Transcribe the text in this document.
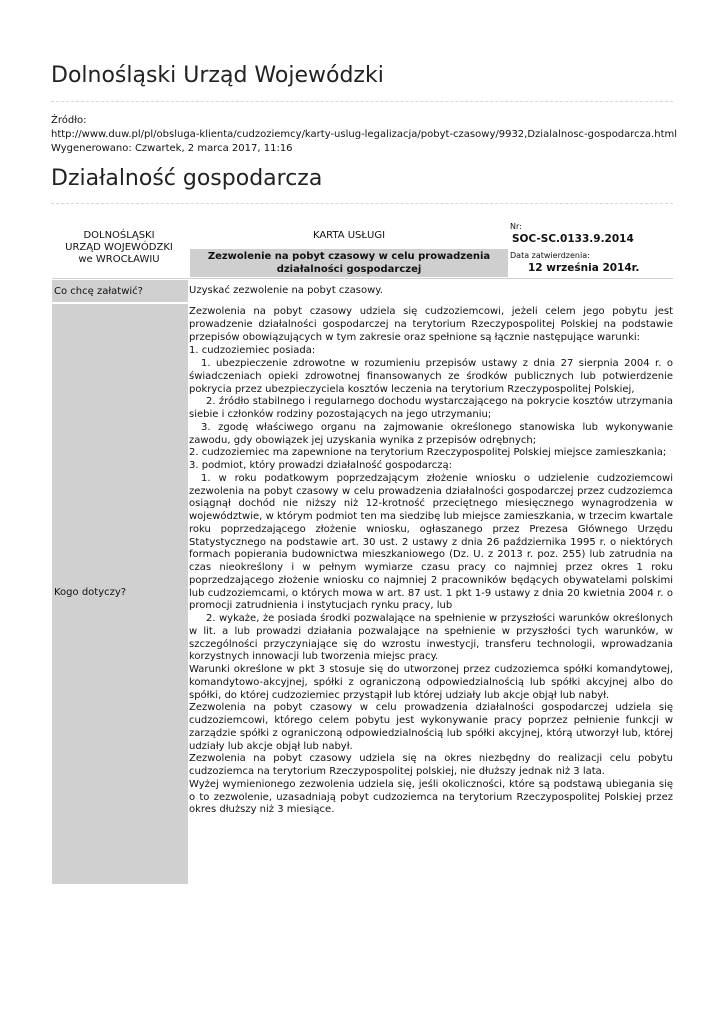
Dolnośląski Urząd Wojewódzki
Źródło:
http://www.duw.pl/pl/obsluga-klienta/cudzoziemcy/karty-uslug-legalizacja/pobyt-czasowy/9932,Dzialalnosc-gospodarcza.html
Wygenerowano: Czwartek, 2 marca 2017, 11:16
Działalność gospodarcza
DOLNOŚLĄSKI
URZĄD WOJEWÓDZKI
we WROCŁAWIU
KARTA USŁUGI
Zezwolenie na pobyt czasowy w celu prowadzenia
działalności gospodarczej
Nr:
SOC-SC.0133.9.2014
Data zatwierdzenia:
12 września 2014r.
Co chcę załatwić?	Uzyskać zezwolenie na pobyt czasowy.
Kogo dotyczy?

Zezwolenia na pobyt czasowy udziela się cudzoziemcowi, jeżeli celem jego pobytu jest prowadzenie działalności gospodarczej na terytorium Rzeczypospolitej Polskiej na podstawie przepisów obowiązujących w tym zakresie oraz spełnione są łącznie następujące warunki:

1. cudzoziemiec posiada:

1. ubezpieczenie zdrowotne w rozumieniu przepisów ustawy z dnia 27 sierpnia 2004 r. o świadczeniach opieki zdrowotnej finansowanych ze środków publicznych lub potwierdzenie pokrycia przez ubezpieczyciela kosztów leczenia na terytorium Rzeczypospolitej Polskiej,

2. źródło stabilnego i regularnego dochodu wystarczającego na pokrycie kosztów utrzymania siebie i członków rodziny pozostających na jego utrzymaniu;

3. zgodę właściwego organu na zajmowanie określonego stanowiska lub wykonywanie zawodu, gdy obowiązek jej uzyskania wynika z przepisów odrębnych;

2. cudzoziemiec ma zapewnione na terytorium Rzeczypospolitej Polskiej miejsce zamieszkania;

3. podmiot, który prowadzi działalność gospodarczą:

1. w roku podatkowym poprzedzającym złożenie wniosku o udzielenie cudzoziemcowi zezwolenia na pobyt czasowy w celu prowadzenia działalności gospodarczej przez cudzoziemca osiągnął dochód nie niższy niż 12-krotność przeciętnego miesięcznego wynagrodzenia w województwie, w którym podmiot ten ma siedzibę lub miejsce zamieszkania, w trzecim kwartale roku poprzedzającego złożenie wniosku, ogłaszanego przez Prezesa Głównego Urzędu Statystycznego na podstawie art. 30 ust. 2 ustawy z dnia 26 października 1995 r. o niektórych formach popierania budownictwa mieszkaniowego (Dz. U. z 2013 r. poz. 255) lub zatrudnia na czas nieokreślony i w pełnym wymiarze czasu pracy co najmniej przez okres 1 roku poprzedzającego złożenie wniosku co najmniej 2 pracowników będących obywatelami polskimi lub cudzoziemcami, o których mowa w art. 87 ust. 1 pkt 1-9 ustawy z dnia 20 kwietnia 2004 r. o promocji zatrudnienia i instytucjach rynku pracy, lub

2. wykaże, że posiada środki pozwalające na spełnienie w przyszłości warunków określonych w lit. a lub prowadzi działania pozwalające na spełnienie w przyszłości tych warunków, w szczególności przyczyniające się do wzrostu inwestycji, transferu technologii, wprowadzania korzystnych innowacji lub tworzenia miejsc pracy.

Warunki określone w pkt 3 stosuje się do utworzonej przez cudzoziemca spółki komandytowej, komandytowo-akcyjnej, spółki z ograniczoną odpowiedzialnością lub spółki akcyjnej albo do spółki, do której cudzoziemiec przystąpił lub której udziały lub akcje objął lub nabył.

Zezwolenia na pobyt czasowy w celu prowadzenia działalności gospodarczej udziela się cudzoziemcowi, którego celem pobytu jest wykonywanie pracy poprzez pełnienie funkcji w zarządzie spółki z ograniczoną odpowiedzialnością lub spółki akcyjnej, którą utworzył lub, której udziały lub akcje objął lub nabył.

Zezwolenia na pobyt czasowy udziela się na okres niezbędny do realizacji celu pobytu cudzoziemca na terytorium Rzeczypospolitej polskiej, nie dłuższy jednak niż 3 lata.

Wyżej wymienionego zezwolenia udziela się, jeśli okoliczności, które są podstawą ubiegania się o to zezwolenie, uzasadniają pobyt cudzoziemca na terytorium Rzeczypospolitej Polskiej przez okres dłuższy niż 3 miesiące.
